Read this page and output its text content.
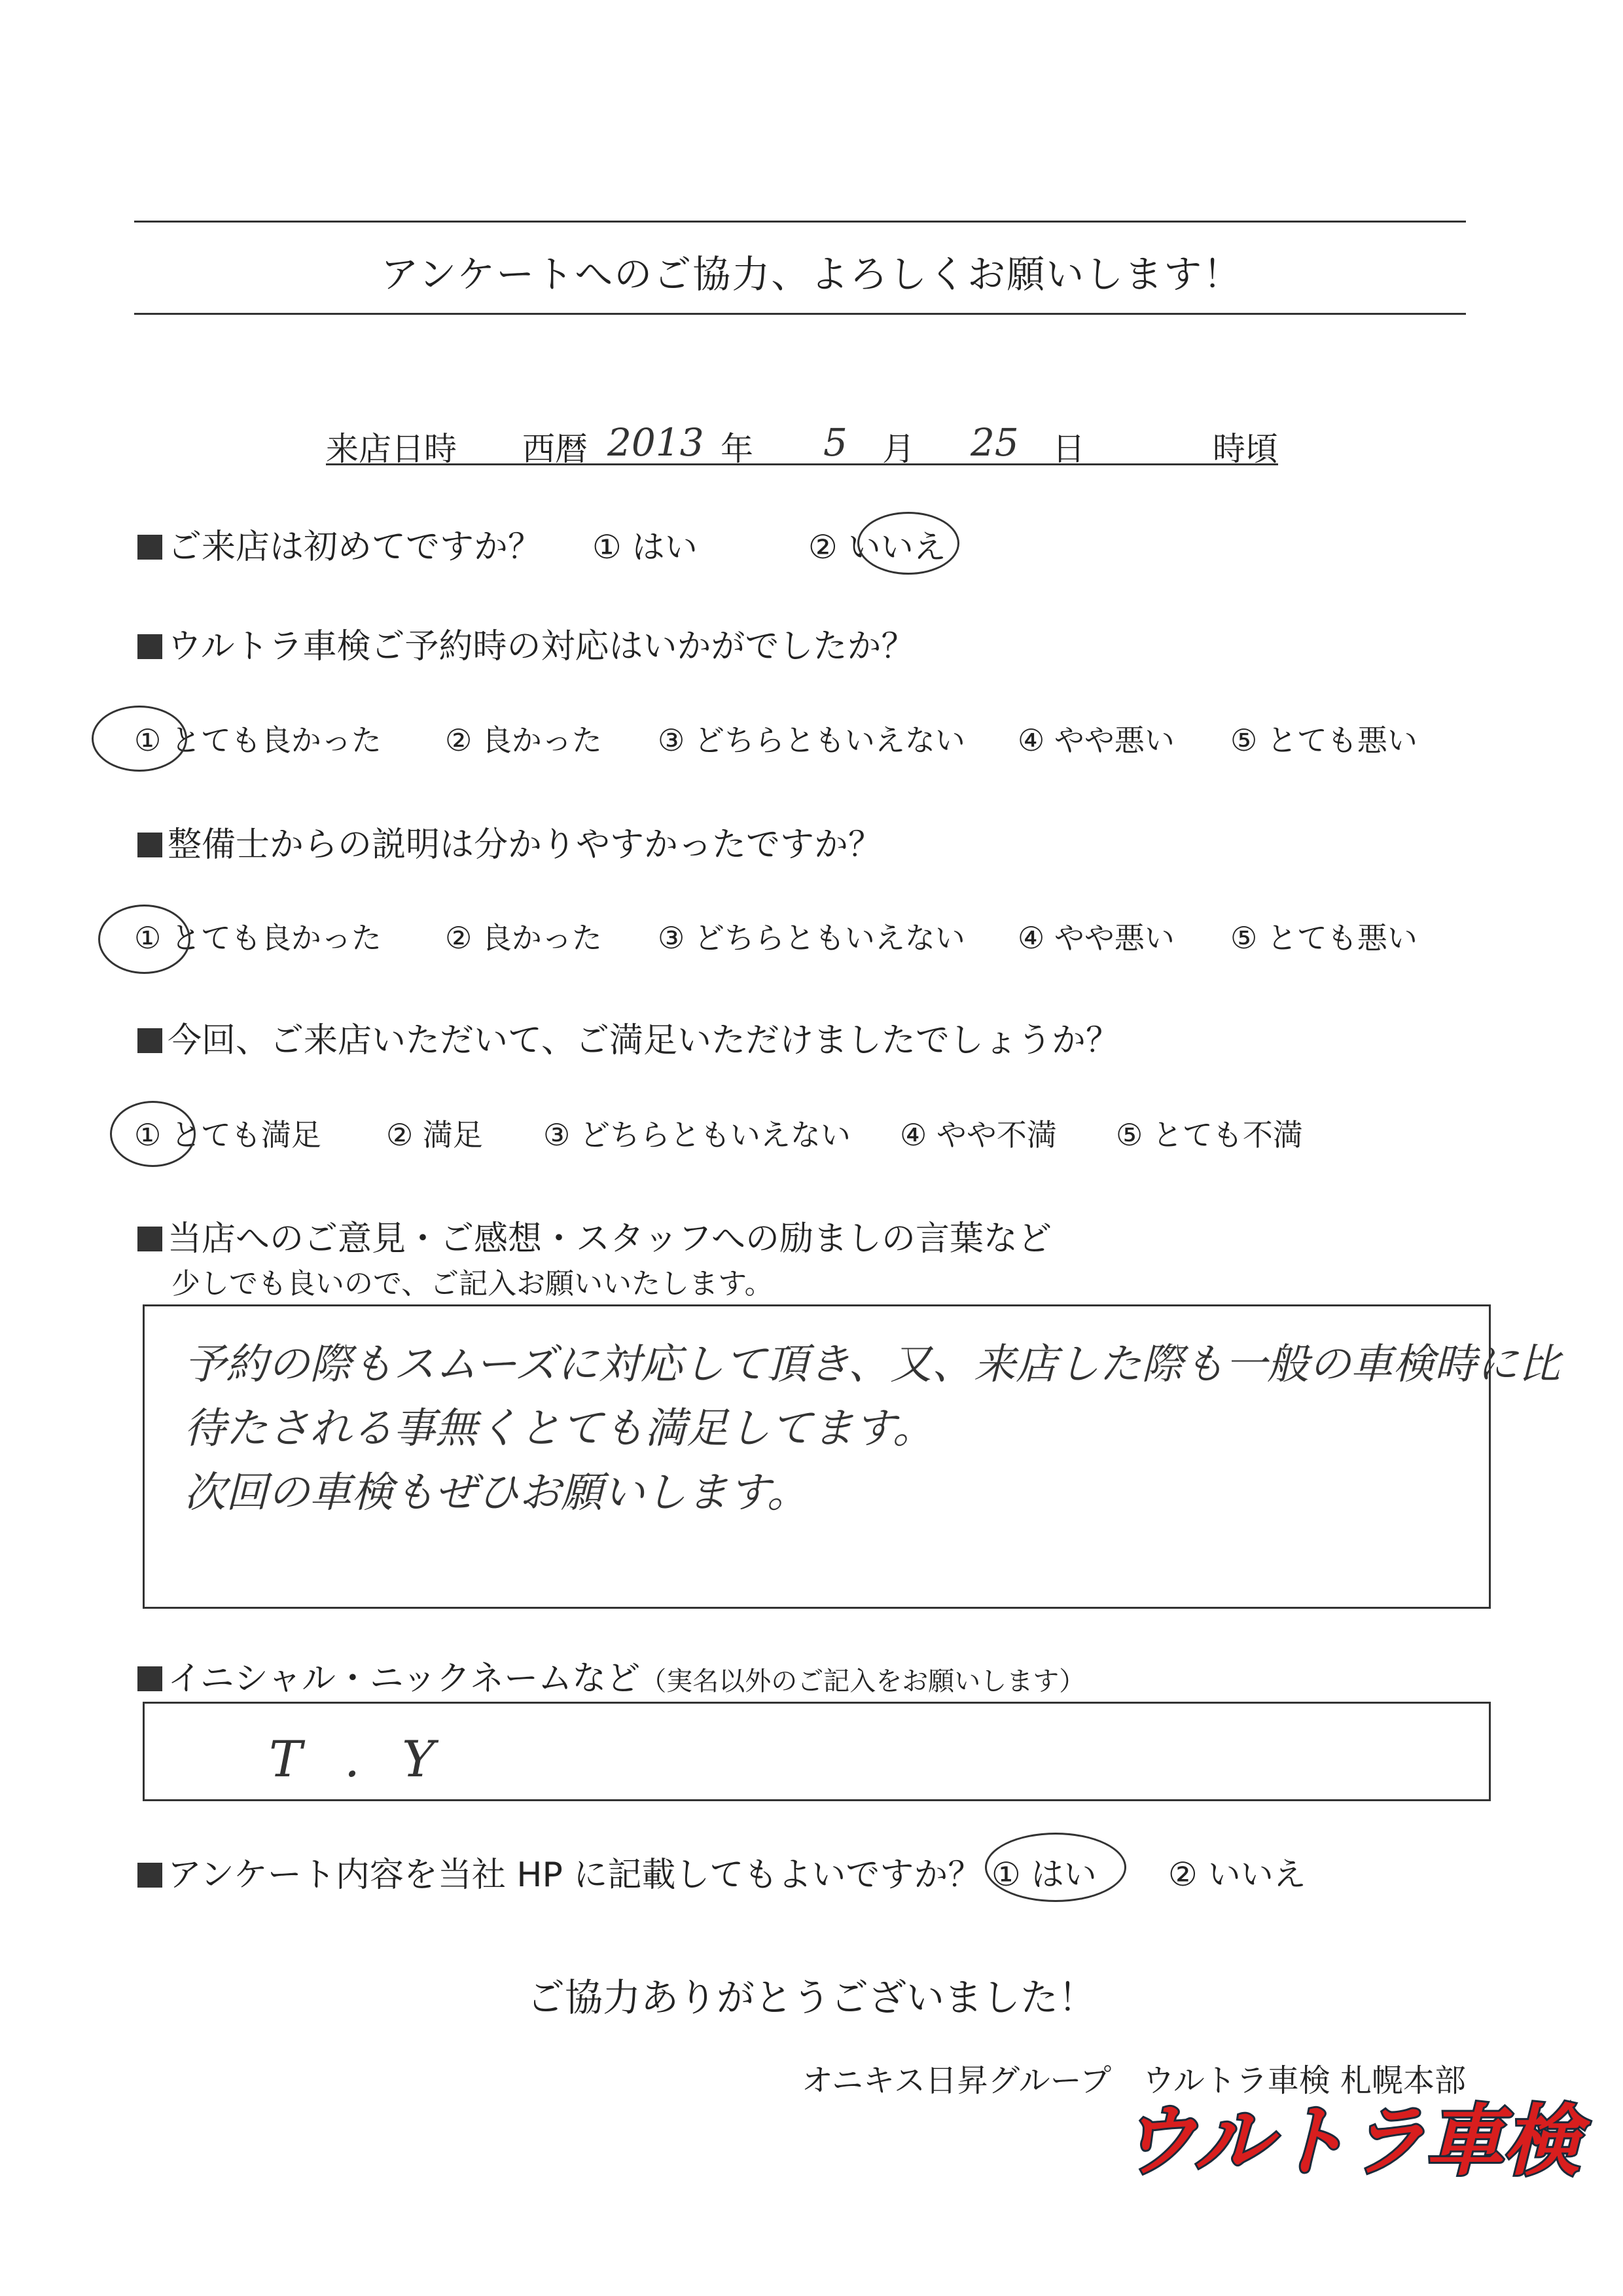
アンケートへのご協力、よろしくお願いします！
来店日時 西暦 2013 年 5 月 25 日	時頃
ご来店は初めてですか？ ① はい	② いいえ
ウルトラ車検ご予約時の対応はいかがでしたか？
① とても良かった ② 良かった ③ どちらともいえない ④ やや悪い ⑤ とても悪い
整備士からの説明は分かりやすかったですか？
① とても良かった ② 良かった ③ どちらともいえない ④ やや悪い ⑤ とても悪い
今回、ご来店いただいて、ご満足いただけましたでしょうか？
① とても満足 ② 満足 ③ どちらともいえない ④ やや不満 ⑤ とても不満
当店へのご意見・ご感想・スタッフへの励ましの言葉など
少しでも良いので、ご記入お願いいたします。
予約の際もスムーズに対応して頂き、又、来店した際も一般の車検時に比
待たされる事無くとても満足してます。
次回の車検もぜひお願いします。
イニシャル・ニックネームなど（実名以外のご記入をお願いします）
T . Y
アンケート内容を当社 HP に記載してもよいですか？ ① はい ② いいえ
ご協力ありがとうございました！
オニキス日昇グループ　ウルトラ車検 札幌本部
ウルトラ車検
